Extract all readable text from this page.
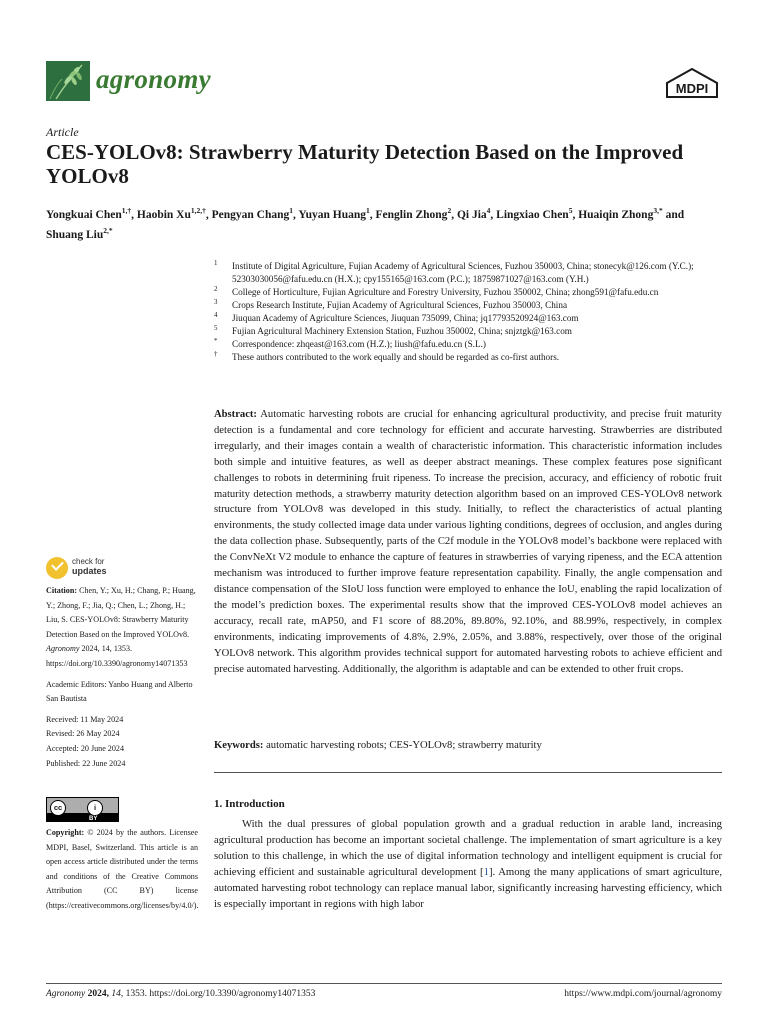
agronomy	MDPI
Article
CES-YOLOv8: Strawberry Maturity Detection Based on the Improved YOLOv8
Yongkuai Chen$^{1,\dagger}$, Haobin $Xu^{1,2,\dagger}$, Pengyan Chang$^1$, Yuyan Huang$^1$, Fenglin Zhong$^2$, Qi Jia$^4$, Lingxiao Chen$^5$, Huaiqin Zhong$^{3,*}$ and Shuang Liu$^{2,*}$
1	Institute of Digital Agriculture, Fujian Academy of Agricultural Sciences, Fuzhou 350003, China; stonecyk@126.com (Y.C.); 52303030056@fafu.edu.cn (H.X.); cpy155165@163.com (P.C.); 18759871027@163.com (Y.H.)
2	College of Horticulture, Fujian Agriculture and Forestry University, Fuzhou 350002, China; zhong591@fafu.edu.cn
3	Crops Research Institute, Fujian Academy of Agricultural Sciences, Fuzhou 350003, China
4	Jiuquan Academy of Agriculture Sciences, Jiuquan 735099, China; jq17793520924@163.com
5	Fujian Agricultural Machinery Extension Station, Fuzhou 350002, China; snjztgk@163.com
*	Correspondence: zhqeast@163.com (H.Z.); liush@fafu.edu.cn (S.L.)
†	These authors contributed to the work equally and should be regarded as co-first authors.
Abstract: Automatic harvesting robots are crucial for enhancing agricultural productivity, and precise fruit maturity detection is a fundamental and core technology for efficient and accurate harvesting. Strawberries are distributed irregularly, and their images contain a wealth of characteristic information. This characteristic information includes both simple and intuitive features, as well as deeper abstract meanings. These complex features pose significant challenges to robots in determining fruit ripeness. To increase the precision, accuracy, and efficiency of robotic fruit maturity detection methods, a strawberry maturity detection algorithm based on an improved CES-YOLOv8 network structure from YOLOv8 was developed in this study. Initially, to reflect the characteristics of actual planting environments, the study collected image data under various lighting conditions, degrees of occlusion, and angles during the data collection phase. Subsequently, parts of the C2f module in the YOLOv8 model’s backbone were replaced with the ConvNeXt V2 module to enhance the capture of features in strawberries of varying ripeness, and the ECA attention mechanism was introduced to further improve feature representation capability. Finally, the angle compensation and distance compensation of the SIoU loss function were employed to enhance the IoU, enabling the rapid localization of the model’s prediction boxes. The experimental results show that the improved CES-YOLOv8 model achieves an accuracy, recall rate, mAP50, and F1 score of 88.20%, 89.80%, 92.10%, and 88.99%, respectively, in complex environments, indicating improvements of 4.8%, 2.9%, 2.05%, and 3.88%, respectively, over those of the original YOLOv8 network. This algorithm provides technical support for automated harvesting robots to achieve efficient and precise automated harvesting. Additionally, the algorithm is adaptable and can be extended to other fruit crops.
Keywords: automatic harvesting robots; CES-YOLOv8; strawberry maturity
1. Introduction
With the dual pressures of global population growth and a gradual reduction in arable land, increasing agricultural production has become an important societal challenge. The implementation of smart agriculture is a key solution to this challenge, in which the use of digital information technology and intelligent equipment is crucial for achieving efficient and sustainable agricultural development [1]. Among the many applications of smart agriculture, automated harvesting robot technology can replace manual labor, significantly increasing harvesting efficiency, which is especially important in regions with high labor
check for
updates

Citation: Chen, Y.; Xu, H.; Chang, P.; Huang, Y.; Zhong, F.; Jia, Q.; Chen, L.; Zhong, H.; Liu, S. CES-YOLOv8: Strawberry Maturity Detection Based on the Improved YOLOv8. Agronomy 2024, 14, 1353. https://doi.org/10.3390/agronomy14071353

Academic Editors: Yanbo Huang and Alberto San Bautista

Received: 11 May 2024
Revised: 26 May 2024
Accepted: 20 June 2024
Published: 22 June 2024
cc	i
BY
Copyright: © 2024 by the authors. Licensee MDPI, Basel, Switzerland. This article is an open access article distributed under the terms and conditions of the Creative Commons Attribution (CC BY) license (https://creativecommons.org/licenses/by/4.0/).
Agronomy 2024, 14, 1353. https://doi.org/10.3390/agronomy14071353	https://www.mdpi.com/journal/agronomy
